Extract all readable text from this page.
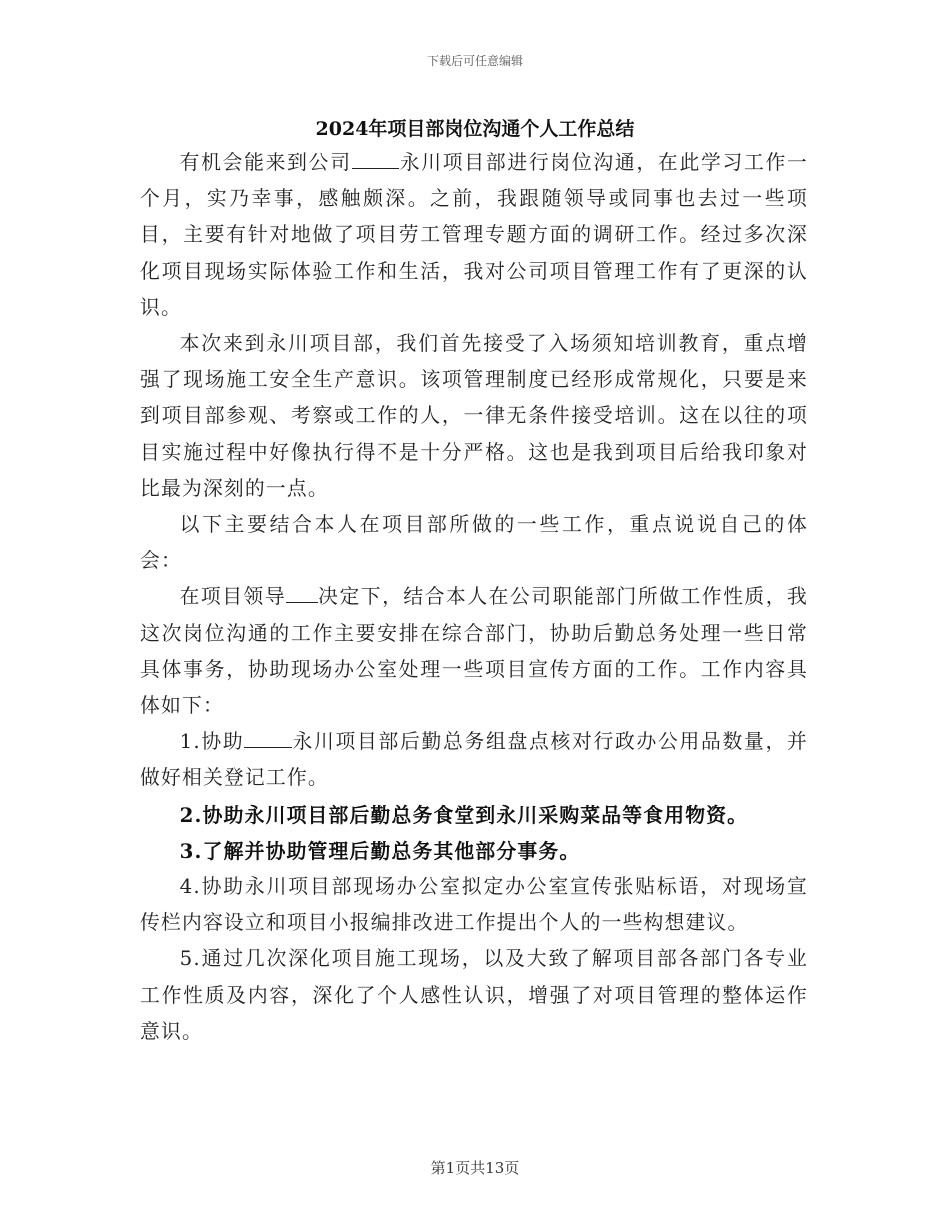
下载后可任意编辑
2024年项目部岗位沟通个人工作总结

有机会能来到公司 永川项目部进行岗位沟通，在此学习工作一个月，实乃幸事，感触颇深。之前，我跟随领导或同事也去过一些项目，主要有针对地做了项目劳工管理专题方面的调研工作。经过多次深化项目现场实际体验工作和生活，我对公司项目管理工作有了更深的认识。

本次来到永川项目部，我们首先接受了入场须知培训教育，重点增强了现场施工安全生产意识。该项管理制度已经形成常规化，只要是来到项目部参观、考察或工作的人，一律无条件接受培训。这在以往的项目实施过程中好像执行得不是十分严格。这也是我到项目后给我印象对比最为深刻的一点。

以下主要结合本人在项目部所做的一些工作，重点说说自己的体会：

在项目领导 决定下，结合本人在公司职能部门所做工作性质，我这次岗位沟通的工作主要安排在综合部门，协助后勤总务处理一些日常具体事务，协助现场办公室处理一些项目宣传方面的工作。工作内容具体如下：

1.协助 永川项目部后勤总务组盘点核对行政办公用品数量，并做好相关登记工作。

2.协助永川项目部后勤总务食堂到永川采购菜品等食用物资。

3.了解并协助管理后勤总务其他部分事务。

4.协助永川项目部现场办公室拟定办公室宣传张贴标语，对现场宣传栏内容设立和项目小报编排改进工作提出个人的一些构想建议。

5.通过几次深化项目施工现场，以及大致了解项目部各部门各专业工作性质及内容，深化了个人感性认识，增强了对项目管理的整体运作意识。

第1页共13页
